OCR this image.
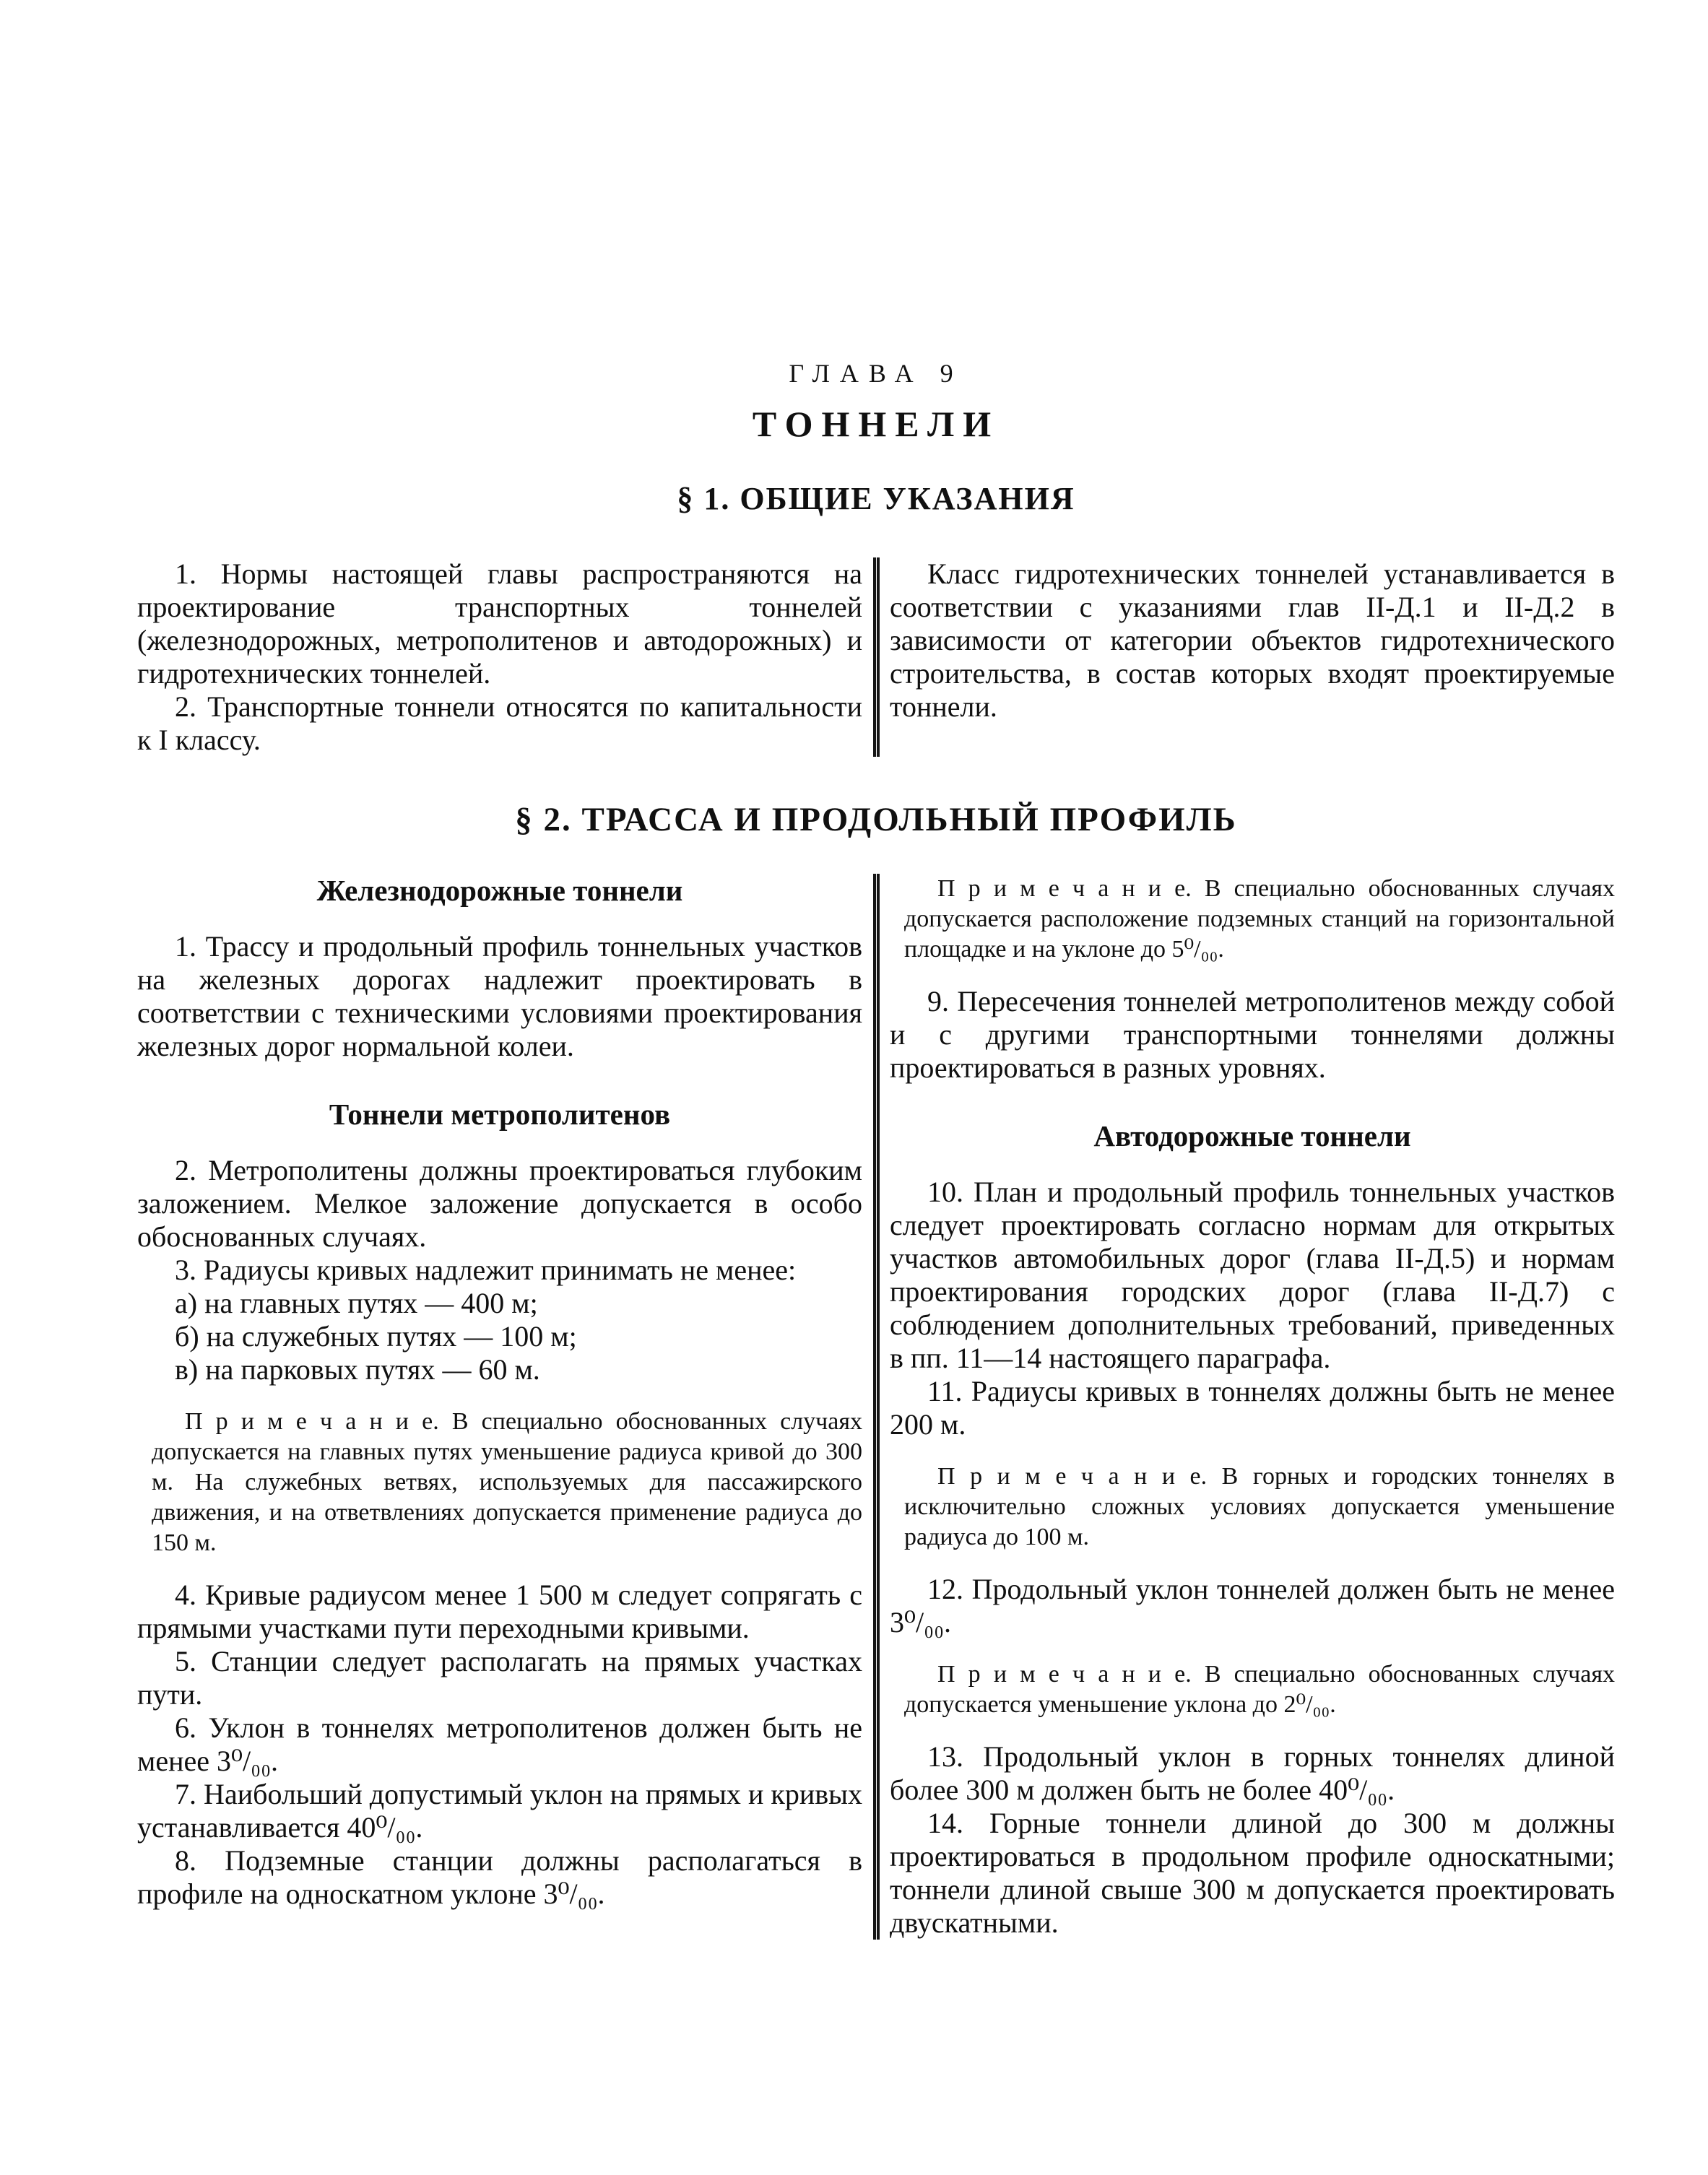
ГЛАВА 9
ТОННЕЛИ
§ 1. ОБЩИЕ УКАЗАНИЯ

1. Нормы настоящей главы распространяются на проектирование транспортных тоннелей (железнодорожных, метрополитенов и автодорожных) и гидротехнических тоннелей.

2. Транспортные тоннели относятся по капитальности к I классу.

Класс гидротехнических тоннелей устанавливается в соответствии с указаниями глав II-Д.1 и II-Д.2 в зависимости от категории объектов гидротехнического строительства, в состав которых входят проектируемые тоннели.

§ 2. ТРАССА И ПРОДОЛЬНЫЙ ПРОФИЛЬ
Железнодорожные тоннели

1. Трассу и продольный профиль тоннельных участков на железных дорогах надлежит проектировать в соответствии с техническими условиями проектирования железных дорог нормальной колеи.

Тоннели метрополитенов

2. Метрополитены должны проектироваться глубоким заложением. Мелкое заложение допускается в особо обоснованных случаях.

3. Радиусы кривых надлежит принимать не менее:

а) на главных путях — 400 м;

б) на служебных путях — 100 м;

в) на парковых путях — 60 м.

П р и м е ч а н и е. В специально обоснованных случаях допускается на главных путях уменьшение радиуса кривой до 300 м. На служебных ветвях, используемых для пассажирского движения, и на ответвлениях допускается применение радиуса до 150 м.

4. Кривые радиусом менее 1 500 м следует сопрягать с прямыми участками пути переходными кривыми.

5. Станции следует располагать на прямых участках пути.

6. Уклон в тоннелях метрополитенов должен быть не менее 3⁰/₀₀.

7. Наибольший допустимый уклон на прямых и кривых устанавливается 40⁰/₀₀.

8. Подземные станции должны располагаться в профиле на односкатном уклоне 3⁰/₀₀.

П р и м е ч а н и е. В специально обоснованных случаях допускается расположение подземных станций на горизонтальной площадке и на уклоне до 5⁰/₀₀.

9. Пересечения тоннелей метрополитенов между собой и с другими транспортными тоннелями должны проектироваться в разных уровнях.

Автодорожные тоннели

10. План и продольный профиль тоннельных участков следует проектировать согласно нормам для открытых участков автомобильных дорог (глава II-Д.5) и нормам проектирования городских дорог (глава II-Д.7) с соблюдением дополнительных требований, приведенных в пп. 11—14 настоящего параграфа.

11. Радиусы кривых в тоннелях должны быть не менее 200 м.

П р и м е ч а н и е. В горных и городских тоннелях в исключительно сложных условиях допускается уменьшение радиуса до 100 м.

12. Продольный уклон тоннелей должен быть не менее 3⁰/₀₀.

П р и м е ч а н и е. В специально обоснованных случаях допускается уменьшение уклона до 2⁰/₀₀.

13. Продольный уклон в горных тоннелях длиной более 300 м должен быть не более 40⁰/₀₀.

14. Горные тоннели длиной до 300 м должны проектироваться в продольном профиле односкатными; тоннели длиной свыше 300 м допускается проектировать двускатными.
